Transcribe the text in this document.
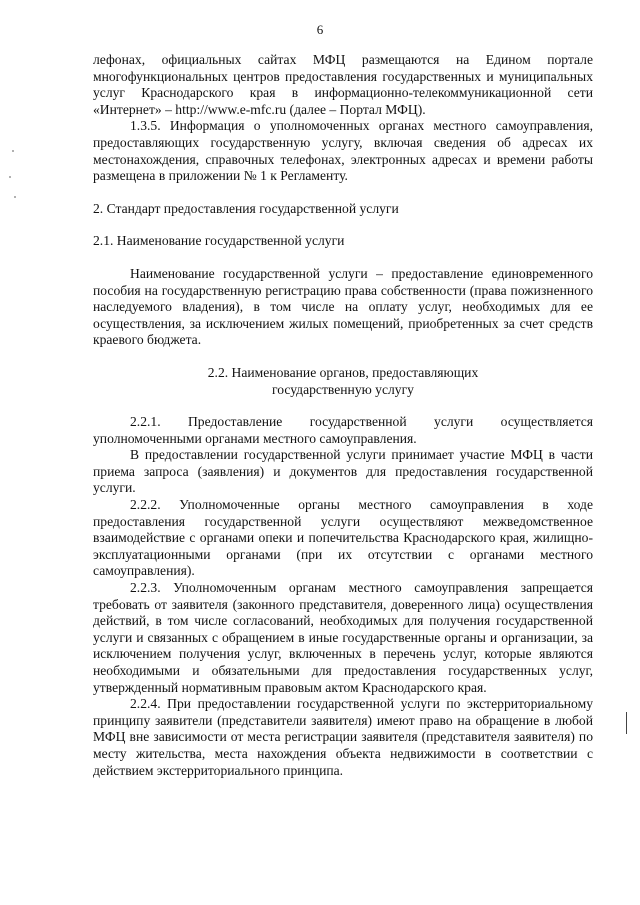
6

лефонах, официальных сайтах МФЦ размещаются на Едином портале многофункциональных центров предоставления государственных и муниципальных услуг Краснодарского края в информационно-телекоммуникационной сети «Интернет» – http://www.e-mfc.ru (далее – Портал МФЦ).

1.3.5. Информация о уполномоченных органах местного самоуправления, предоставляющих государственную услугу, включая сведения об адресах их местонахождения, справочных телефонах, электронных адресах и времени работы размещена в приложении № 1 к Регламенту.

2. Стандарт предоставления государственной услуги

2.1. Наименование государственной услуги

Наименование государственной услуги – предоставление единовременного пособия на государственную регистрацию права собственности (права пожизненного наследуемого владения), в том числе на оплату услуг, необходимых для ее осуществления, за исключением жилых помещений, приобретенных за счет средств краевого бюджета.

2.2. Наименование органов, предоставляющих
государственную услугу

2.2.1. Предоставление государственной услуги осуществляется уполномоченными органами местного самоуправления.

В предоставлении государственной услуги принимает участие МФЦ в части приема запроса (заявления) и документов для предоставления государственной услуги.

2.2.2. Уполномоченные органы местного самоуправления в ходе предоставления государственной услуги осуществляют межведомственное взаимодействие с органами опеки и попечительства Краснодарского края, жилищно-эксплуатационными органами (при их отсутствии с органами местного самоуправления).

2.2.3. Уполномоченным органам местного самоуправления запрещается требовать от заявителя (законного представителя, доверенного лица) осуществления действий, в том числе согласований, необходимых для получения государственной услуги и связанных с обращением в иные государственные органы и организации, за исключением получения услуг, включенных в перечень услуг, которые являются необходимыми и обязательными для предоставления государственных услуг, утвержденный нормативным правовым актом Краснодарского края.

2.2.4. При предоставлении государственной услуги по экстерриториальному принципу заявители (представители заявителя) имеют право на обращение в любой МФЦ вне зависимости от места регистрации заявителя (представителя заявителя) по месту жительства, места нахождения объекта недвижимости в соответствии с действием экстерриториального принципа.
